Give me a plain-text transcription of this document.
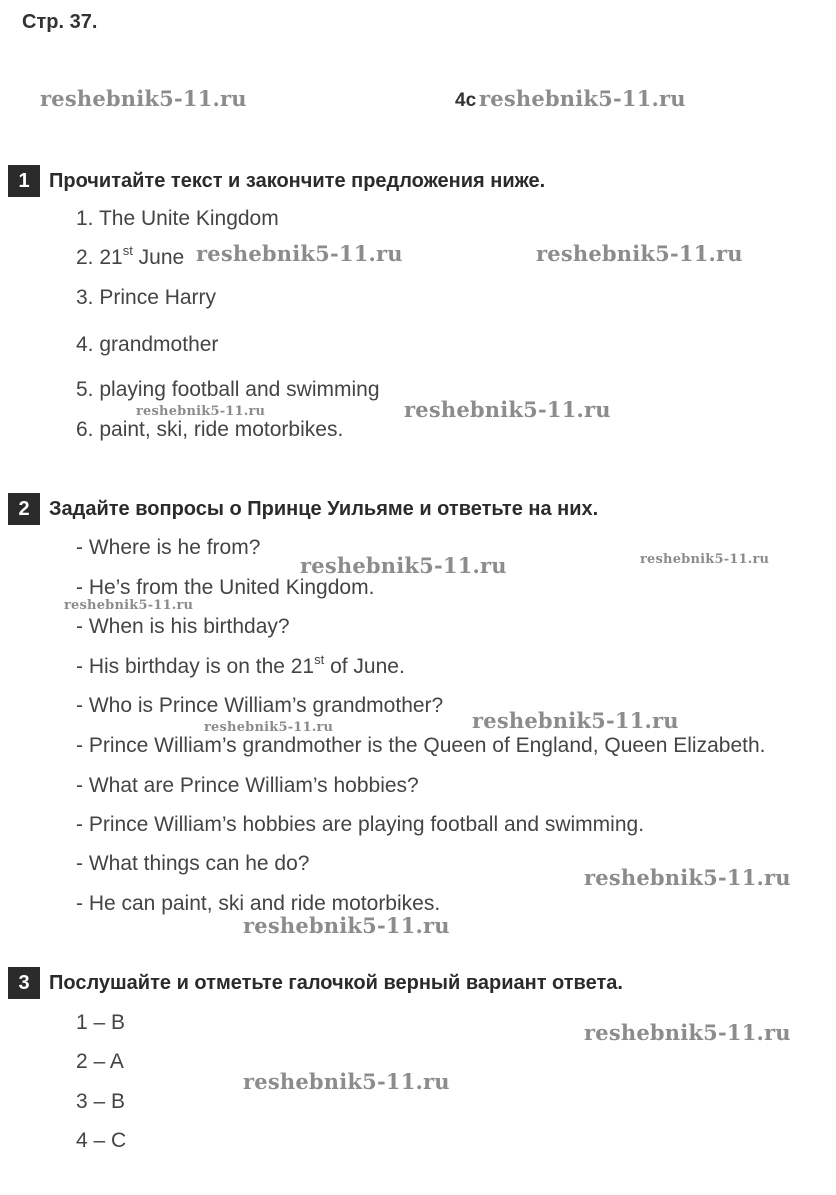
Стр. 37.
4c
1 Прочитайте текст и закончите предложения ниже.
1. The Unite Kingdom
2. 21st June
3. Prince Harry
4. grandmother
5. playing football and swimming
6. paint, ski, ride motorbikes.
2 Задайте вопросы о Принце Уильяме и ответьте на них.
- Where is he from?
- He’s from the United Kingdom.
- When is his birthday?
- His birthday is on the 21st of June.
- Who is Prince William’s grandmother?
- Prince William’s grandmother is the Queen of England, Queen Elizabeth.
- What are Prince William’s hobbies?
- Prince William’s hobbies are playing football and swimming.
- What things can he do?
- He can paint, ski and ride motorbikes.
3 Послушайте и отметьте галочкой верный вариант ответа.
1 – B
2 – A
3 – B
4 – C
reshebnik5-11.ru	reshebnik5-11.ru
reshebnik5-11.ru	reshebnik5-11.ru
reshebnik5-11.ru	reshebnik5-11.ru
reshebnik5-11.ru	reshebnik5-11.ru
reshebnik5-11.ru
reshebnik5-11.ru	reshebnik5-11.ru
reshebnik5-11.ru
reshebnik5-11.ru
reshebnik5-11.ru
reshebnik5-11.ru
